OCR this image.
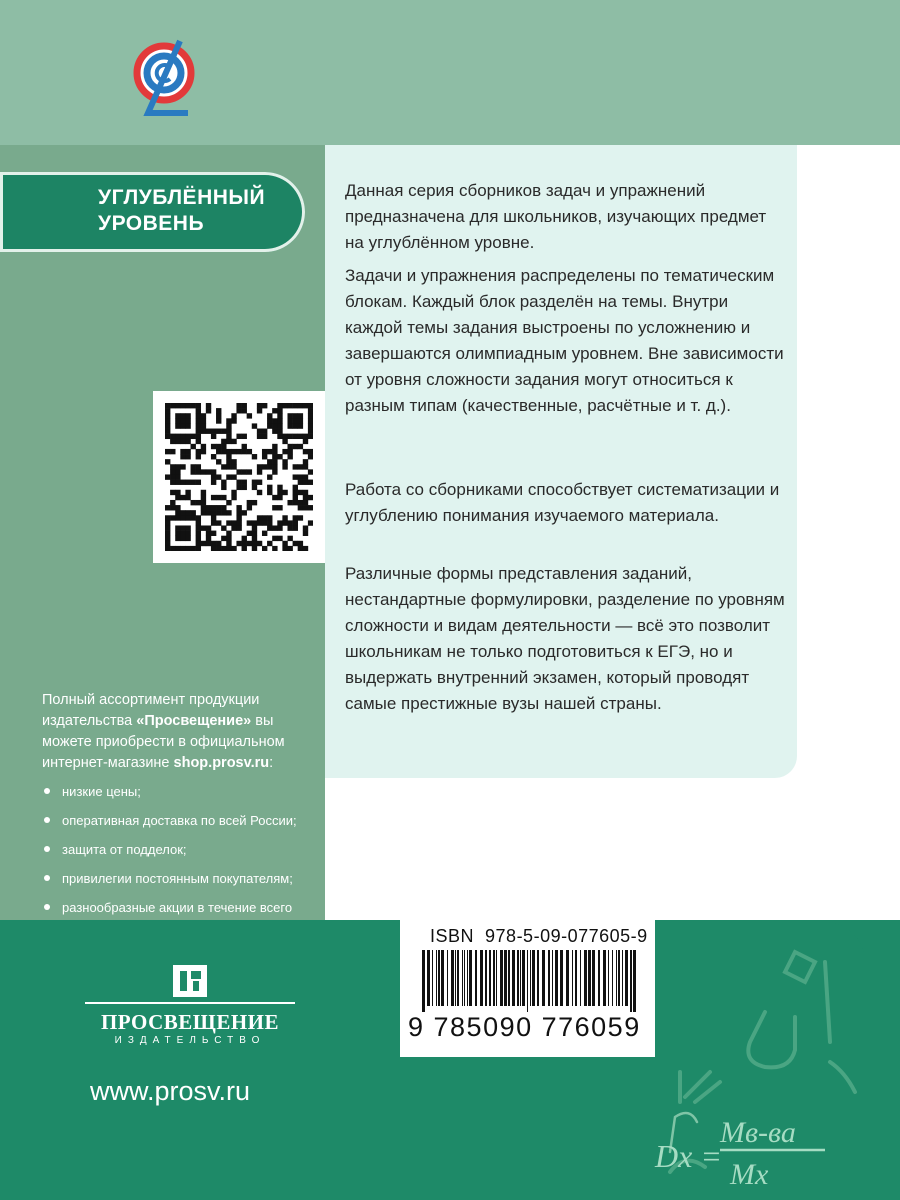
УГЛУБЛЁННЫЙ
УРОВЕНЬ

Полный ассортимент продукции издательства «Просвещение» вы можете приобрести в официальном интернет-магазине shop.prosv.ru:

низкие цены;
оперативная доставка по всей России;
защита от подделок;
привилегии постоянным покупателям;
разнообразные акции в течение всего
Данная серия сборников задач и упражнений предназначена для школьников, изучающих предмет на углублённом уровне.
Задачи и упражнения распределены по тематическим блокам. Каждый блок разделён на темы. Внутри каждой темы задания выстроены по усложнению и завершаются олимпиадным уровнем. Вне зависимости от уровня сложности задания могут относиться к разным типам (качественные, расчётные и т. д.).
Работа со сборниками способствует систематизации и углублению понимания изучаемого материала.
Различные формы представления заданий, нестандартные формулировки, разделение по уровням сложности и видам деятельности — всё это позволит школьникам не только подготовиться к ЕГЭ, но и выдержать внутренний экзамен, который проводят самые престижные вузы нашей страны.
Dx =
Mв-ва
Mx
ПРОСВЕЩЕНИЕ
ИЗДАТЕЛЬСТВО
www.prosv.ru
ISBN 978-5-09-077605-9
9 785090 776059
